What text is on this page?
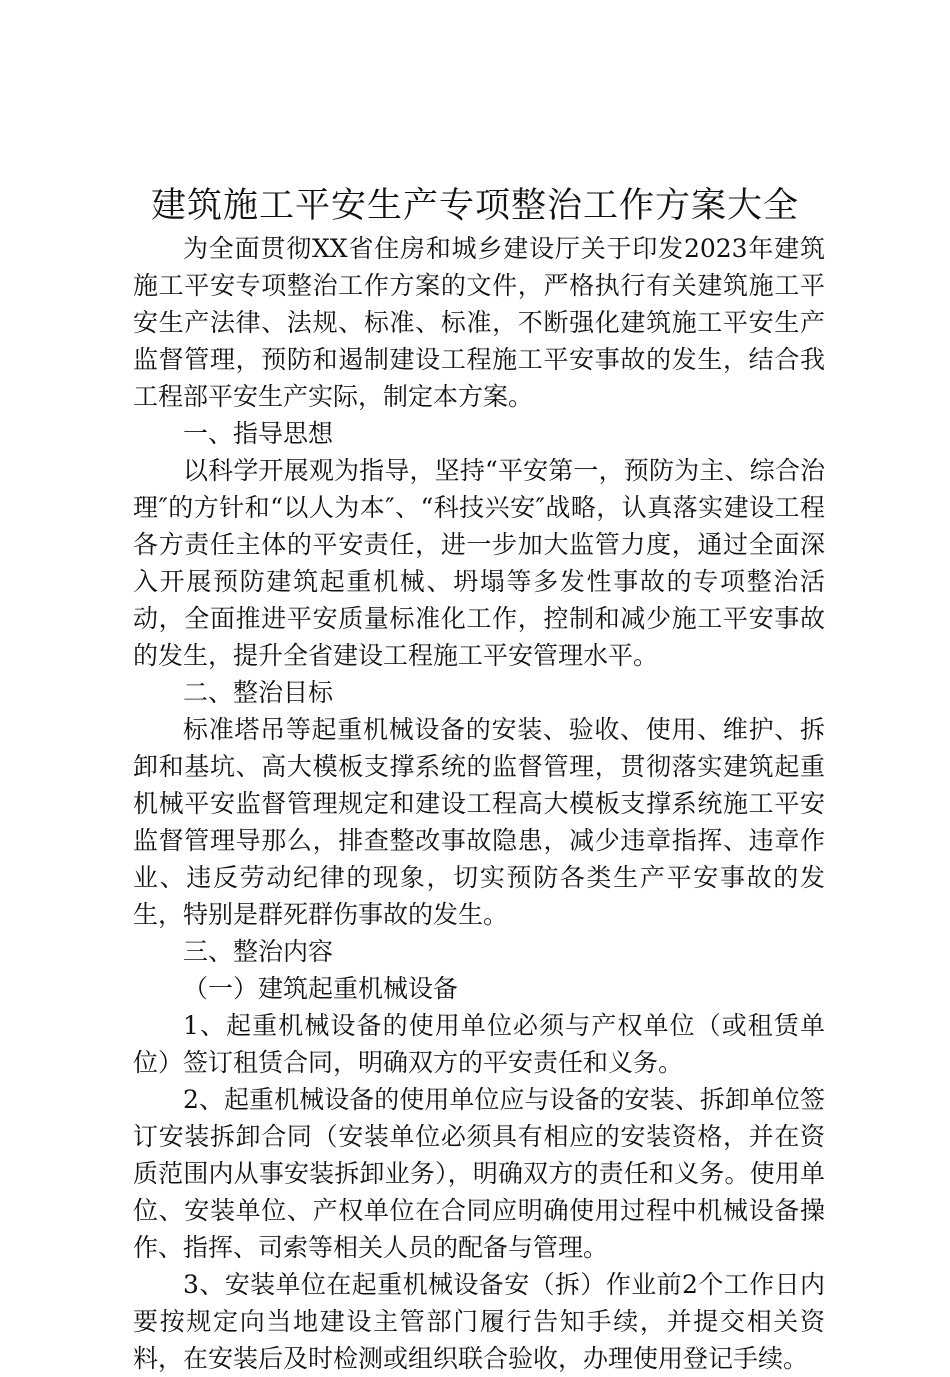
建筑施工平安生产专项整治工作方案大全

为全面贯彻XX省住房和城乡建设厅关于印发2023年建筑施工平安专项整治工作方案的文件，严格执行有关建筑施工平安生产法律、法规、标准、标准，不断强化建筑施工平安生产监督管理，预防和遏制建设工程施工平安事故的发生，结合我工程部平安生产实际，制定本方案。

一、指导思想

以科学开展观为指导，坚持“平安第一，预防为主、综合治理″的方针和“以人为本″、“科技兴安″战略，认真落实建设工程各方责任主体的平安责任，进一步加大监管力度，通过全面深入开展预防建筑起重机械、坍塌等多发性事故的专项整治活动，全面推进平安质量标准化工作，控制和减少施工平安事故的发生，提升全省建设工程施工平安管理水平。

二、整治目标

标准塔吊等起重机械设备的安装、验收、使用、维护、拆卸和基坑、高大模板支撑系统的监督管理，贯彻落实建筑起重机械平安监督管理规定和建设工程高大模板支撑系统施工平安监督管理导那么，排查整改事故隐患，减少违章指挥、违章作业、违反劳动纪律的现象，切实预防各类生产平安事故的发生，特别是群死群伤事故的发生。

三、整治内容

（一）建筑起重机械设备

1、起重机械设备的使用单位必须与产权单位（或租赁单位）签订租赁合同，明确双方的平安责任和义务。

2、起重机械设备的使用单位应与设备的安装、拆卸单位签订安装拆卸合同（安装单位必须具有相应的安装资格，并在资质范围内从事安装拆卸业务），明确双方的责任和义务。使用单位、安装单位、产权单位在合同应明确使用过程中机械设备操作、指挥、司索等相关人员的配备与管理。

3、安装单位在起重机械设备安（拆）作业前2个工作日内要按规定向当地建设主管部门履行告知手续，并提交相关资料，在安装后及时检测或组织联合验收，办理使用登记手续。
